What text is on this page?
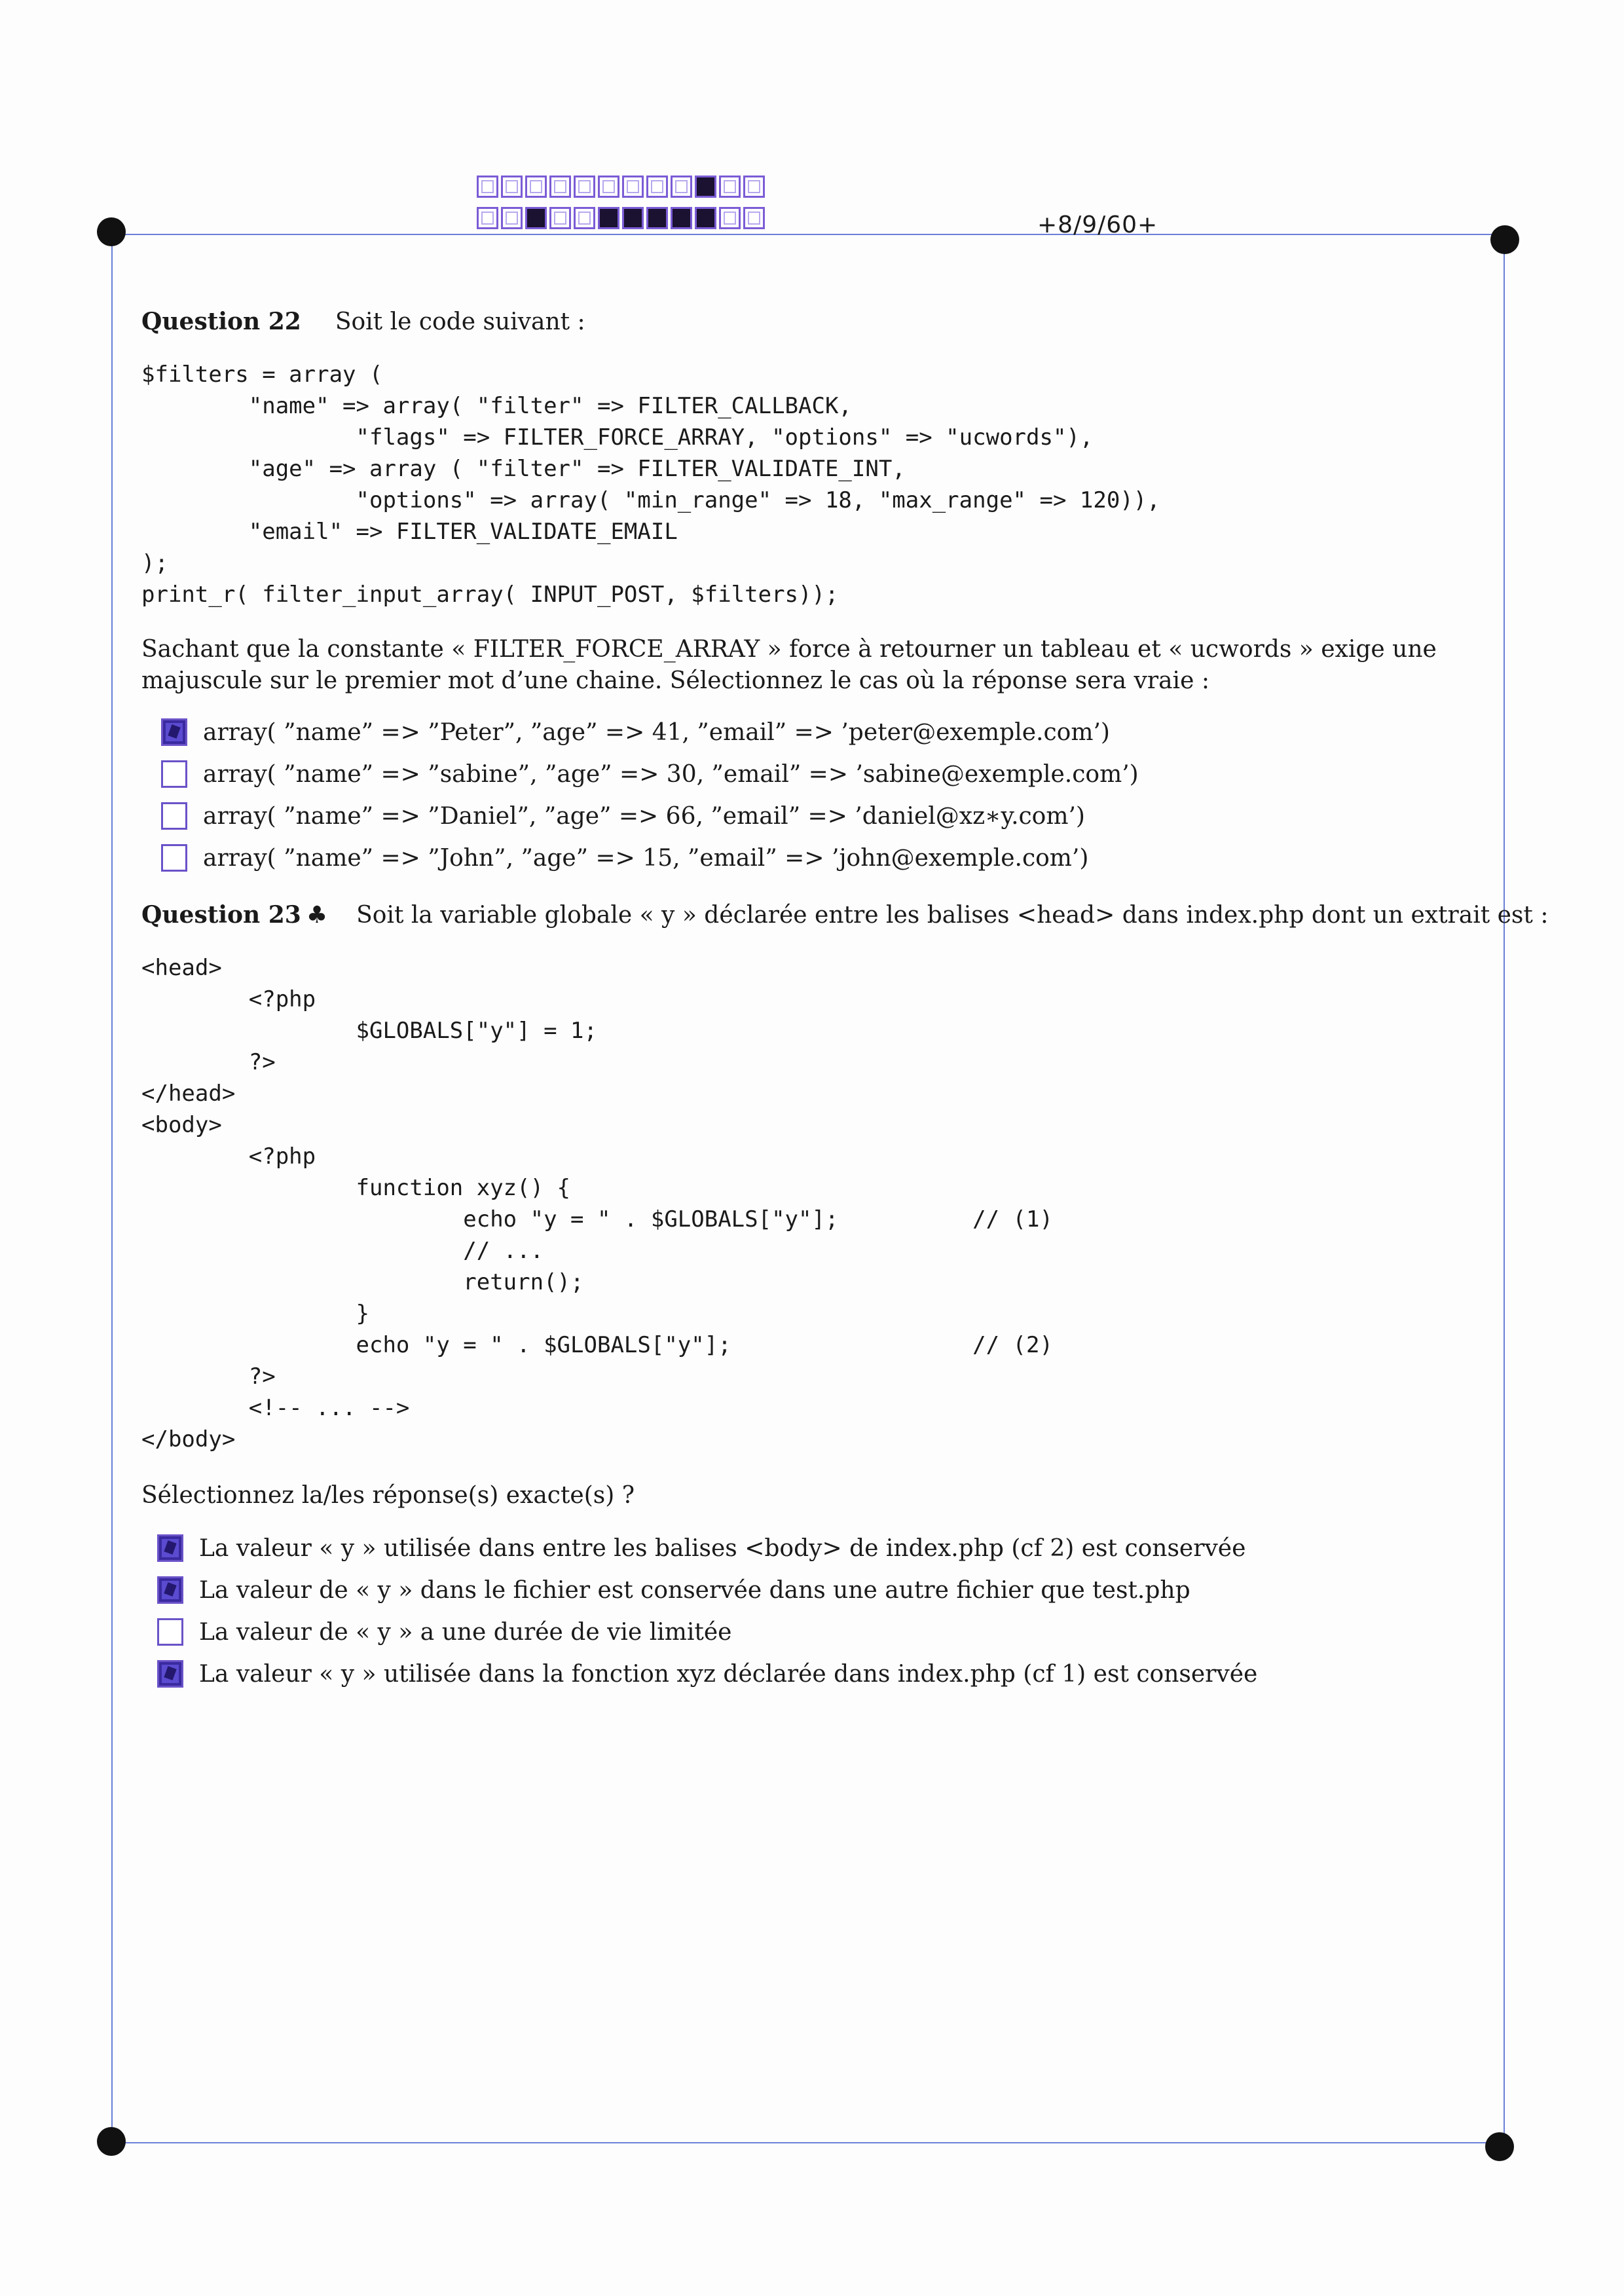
+8/9/60+
Question 22 Soit le code suivant :
$filters = array (
"name" => array( "filter" => FILTER_CALLBACK,
"flags" => FILTER_FORCE_ARRAY, "options" => "ucwords"),
"age" => array ( "filter" => FILTER_VALIDATE_INT,
"options" => array( "min_range" => 18, "max_range" => 120)),
"email" => FILTER_VALIDATE_EMAIL
);
print_r( filter_input_array( INPUT_POST, $filters));
Sachant que la constante « FILTER_FORCE_ARRAY » force à retourner un tableau et « ucwords » exige une majuscule sur le premier mot d’une chaine. Sélectionnez le cas où la réponse sera vraie :
array( ”name” => ”Peter”, ”age” => 41, ”email” => ’peter@exemple.com’)
array( ”name” => ”sabine”, ”age” => 30, ”email” => ’sabine@exemple.com’)
array( ”name” => ”Daniel”, ”age” => 66, ”email” => ’daniel@xz∗y.com’)
array( ”name” => ”John”, ”age” => 15, ”email” => ’john@exemple.com’)
Question 23 ♣ Soit la variable globale « y » déclarée entre les balises <head> dans index.php dont un extrait est :
<head>
<?php
$GLOBALS["y"] = 1;
?>
</head>
<body>
<?php
function xyz() {
echo "y = " . $GLOBALS["y"];          // (1)
// ...
return();
}
echo "y = " . $GLOBALS["y"];                  // (2)
?>
<!-- ... -->
</body>
Sélectionnez la/les réponse(s) exacte(s) ?
La valeur « y » utilisée dans entre les balises <body> de index.php (cf 2) est conservée
La valeur de « y » dans le fichier est conservée dans une autre fichier que test.php
La valeur de « y » a une durée de vie limitée
La valeur « y » utilisée dans la fonction xyz déclarée dans index.php (cf 1) est conservée
